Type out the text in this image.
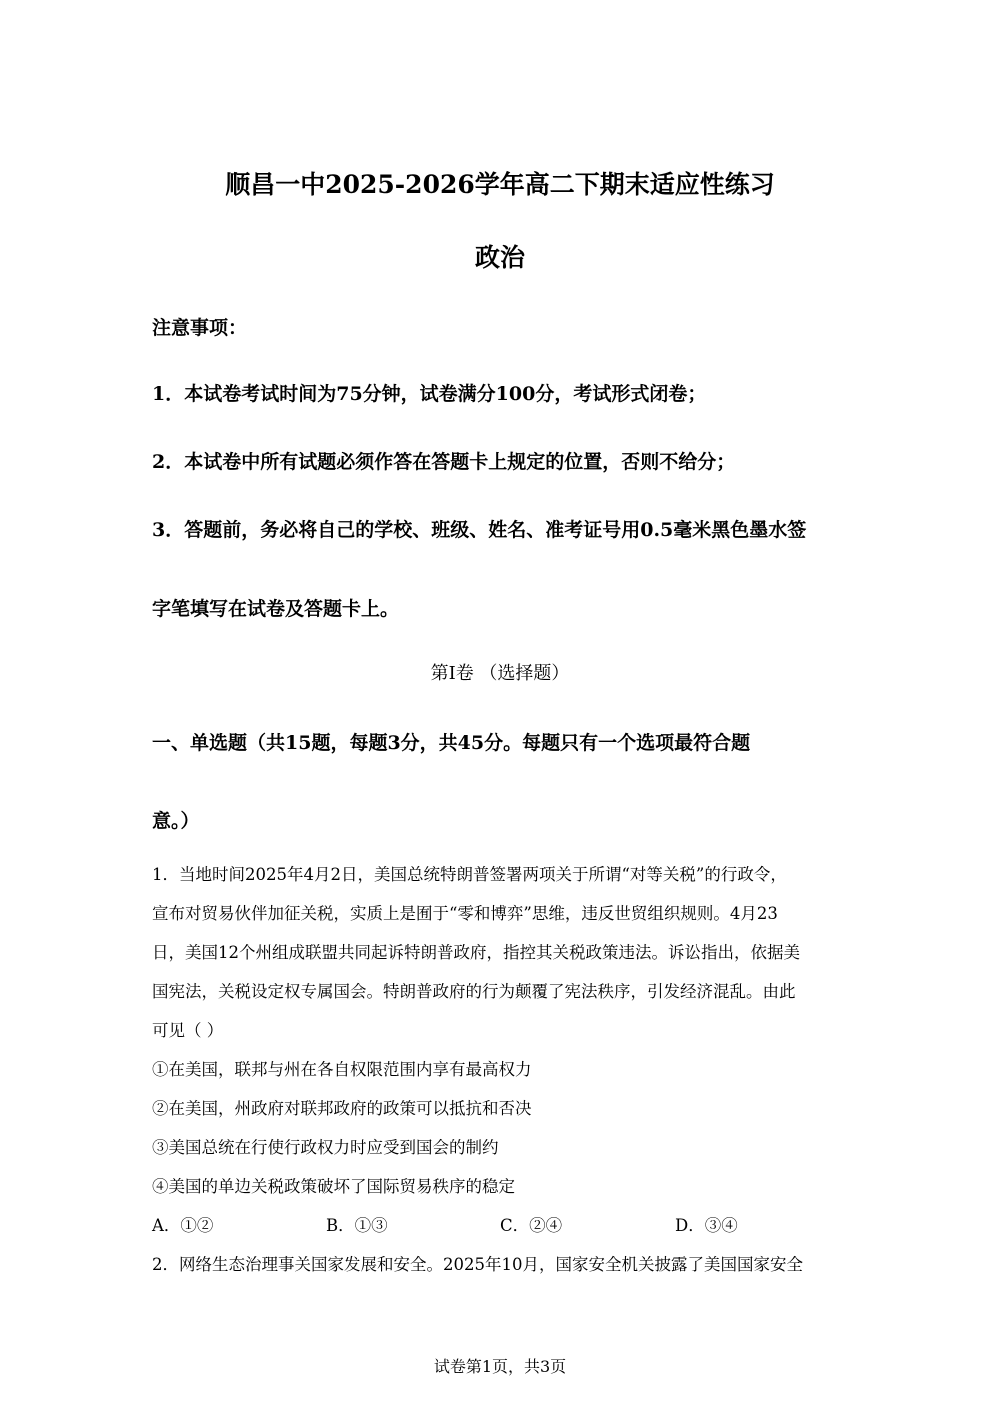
顺昌一中2025-2026学年高二下期末适应性练习
政治
注意事项：
1．本试卷考试时间为75分钟，试卷满分100分，考试形式闭卷；
2．本试卷中所有试题必须作答在答题卡上规定的位置，否则不给分；
3．答题前，务必将自己的学校、班级、姓名、准考证号用0.5毫米黑色墨水签
字笔填写在试卷及答题卡上。
第I卷 （选择题）
一、单选题（共15题，每题3分，共45分。每题只有一个选项最符合题
意。）
1．当地时间2025年4月2日，美国总统特朗普签署两项关于所谓“对等关税”的行政令，
宣布对贸易伙伴加征关税，实质上是囿于“零和博弈”思维，违反世贸组织规则。4月23
日，美国12个州组成联盟共同起诉特朗普政府，指控其关税政策违法。诉讼指出，依据美
国宪法，关税设定权专属国会。特朗普政府的行为颠覆了宪法秩序，引发经济混乱。由此
可见（ ）
①在美国，联邦与州在各自权限范围内享有最高权力
②在美国，州政府对联邦政府的政策可以抵抗和否决
③美国总统在行使行政权力时应受到国会的制约
④美国的单边关税政策破坏了国际贸易秩序的稳定
A．①②	B．①③	C．②④	D．③④
2．网络生态治理事关国家发展和安全。2025年10月，国家安全机关披露了美国国家安全
试卷第1页，共3页
